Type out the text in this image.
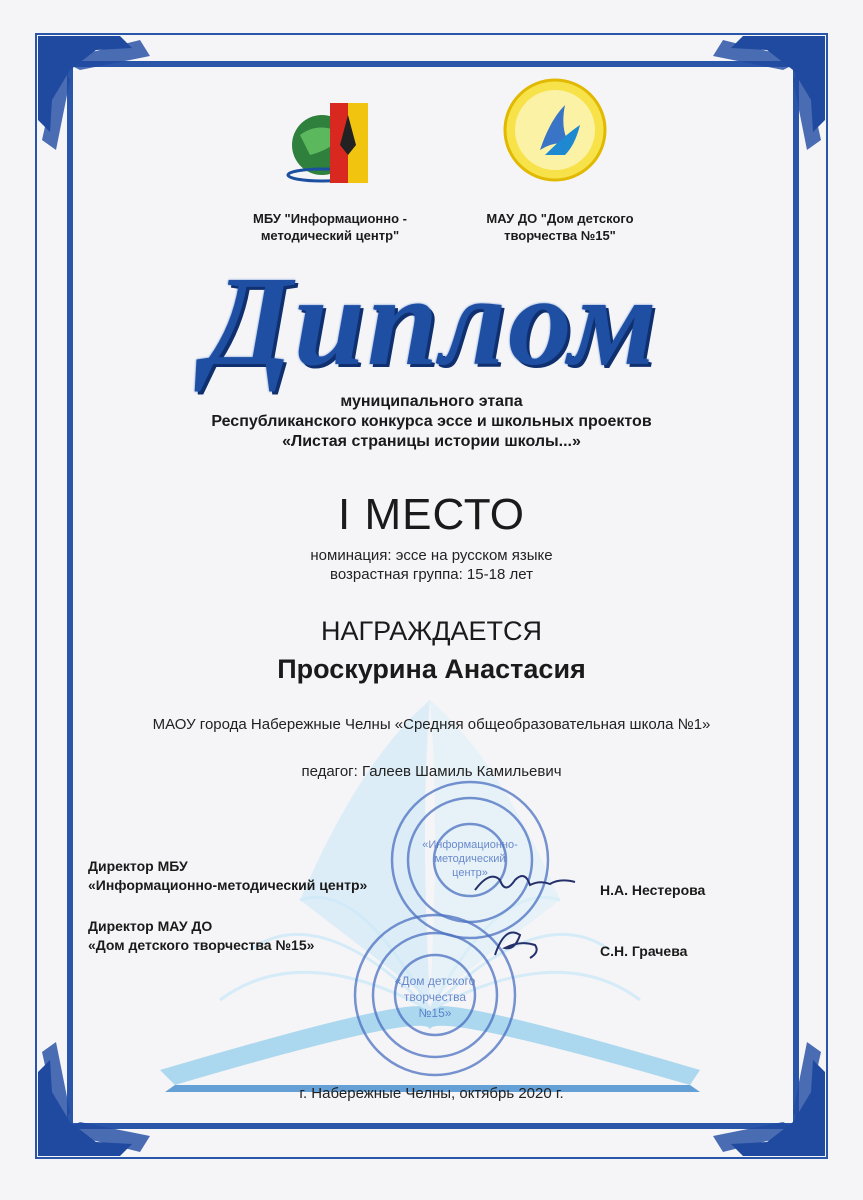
«Информационно-
методический
центр»
«Дом детского
творчества
№15»
МБУ "Информационно -
методический центр"
МАУ ДО "Дом детского
творчества №15"
Диплом
муниципального этапа
Республиканского конкурса эссе и школьных проектов
«Листая страницы истории школы...»
I МЕСТО
номинация: эссе на русском языке
возрастная группа: 15-18 лет
НАГРАЖДАЕТСЯ
Проскурина Анастасия
МАОУ города Набережные Челны «Средняя общеобразовательная школа №1»
педагог: Галеев Шамиль Камильевич
Директор МБУ
«Информационно-методический центр»	Н.А. Нестерова
Директор МАУ ДО
«Дом детского творчества №15»	С.Н. Грачева
г. Набережные Челны, октябрь 2020 г.
